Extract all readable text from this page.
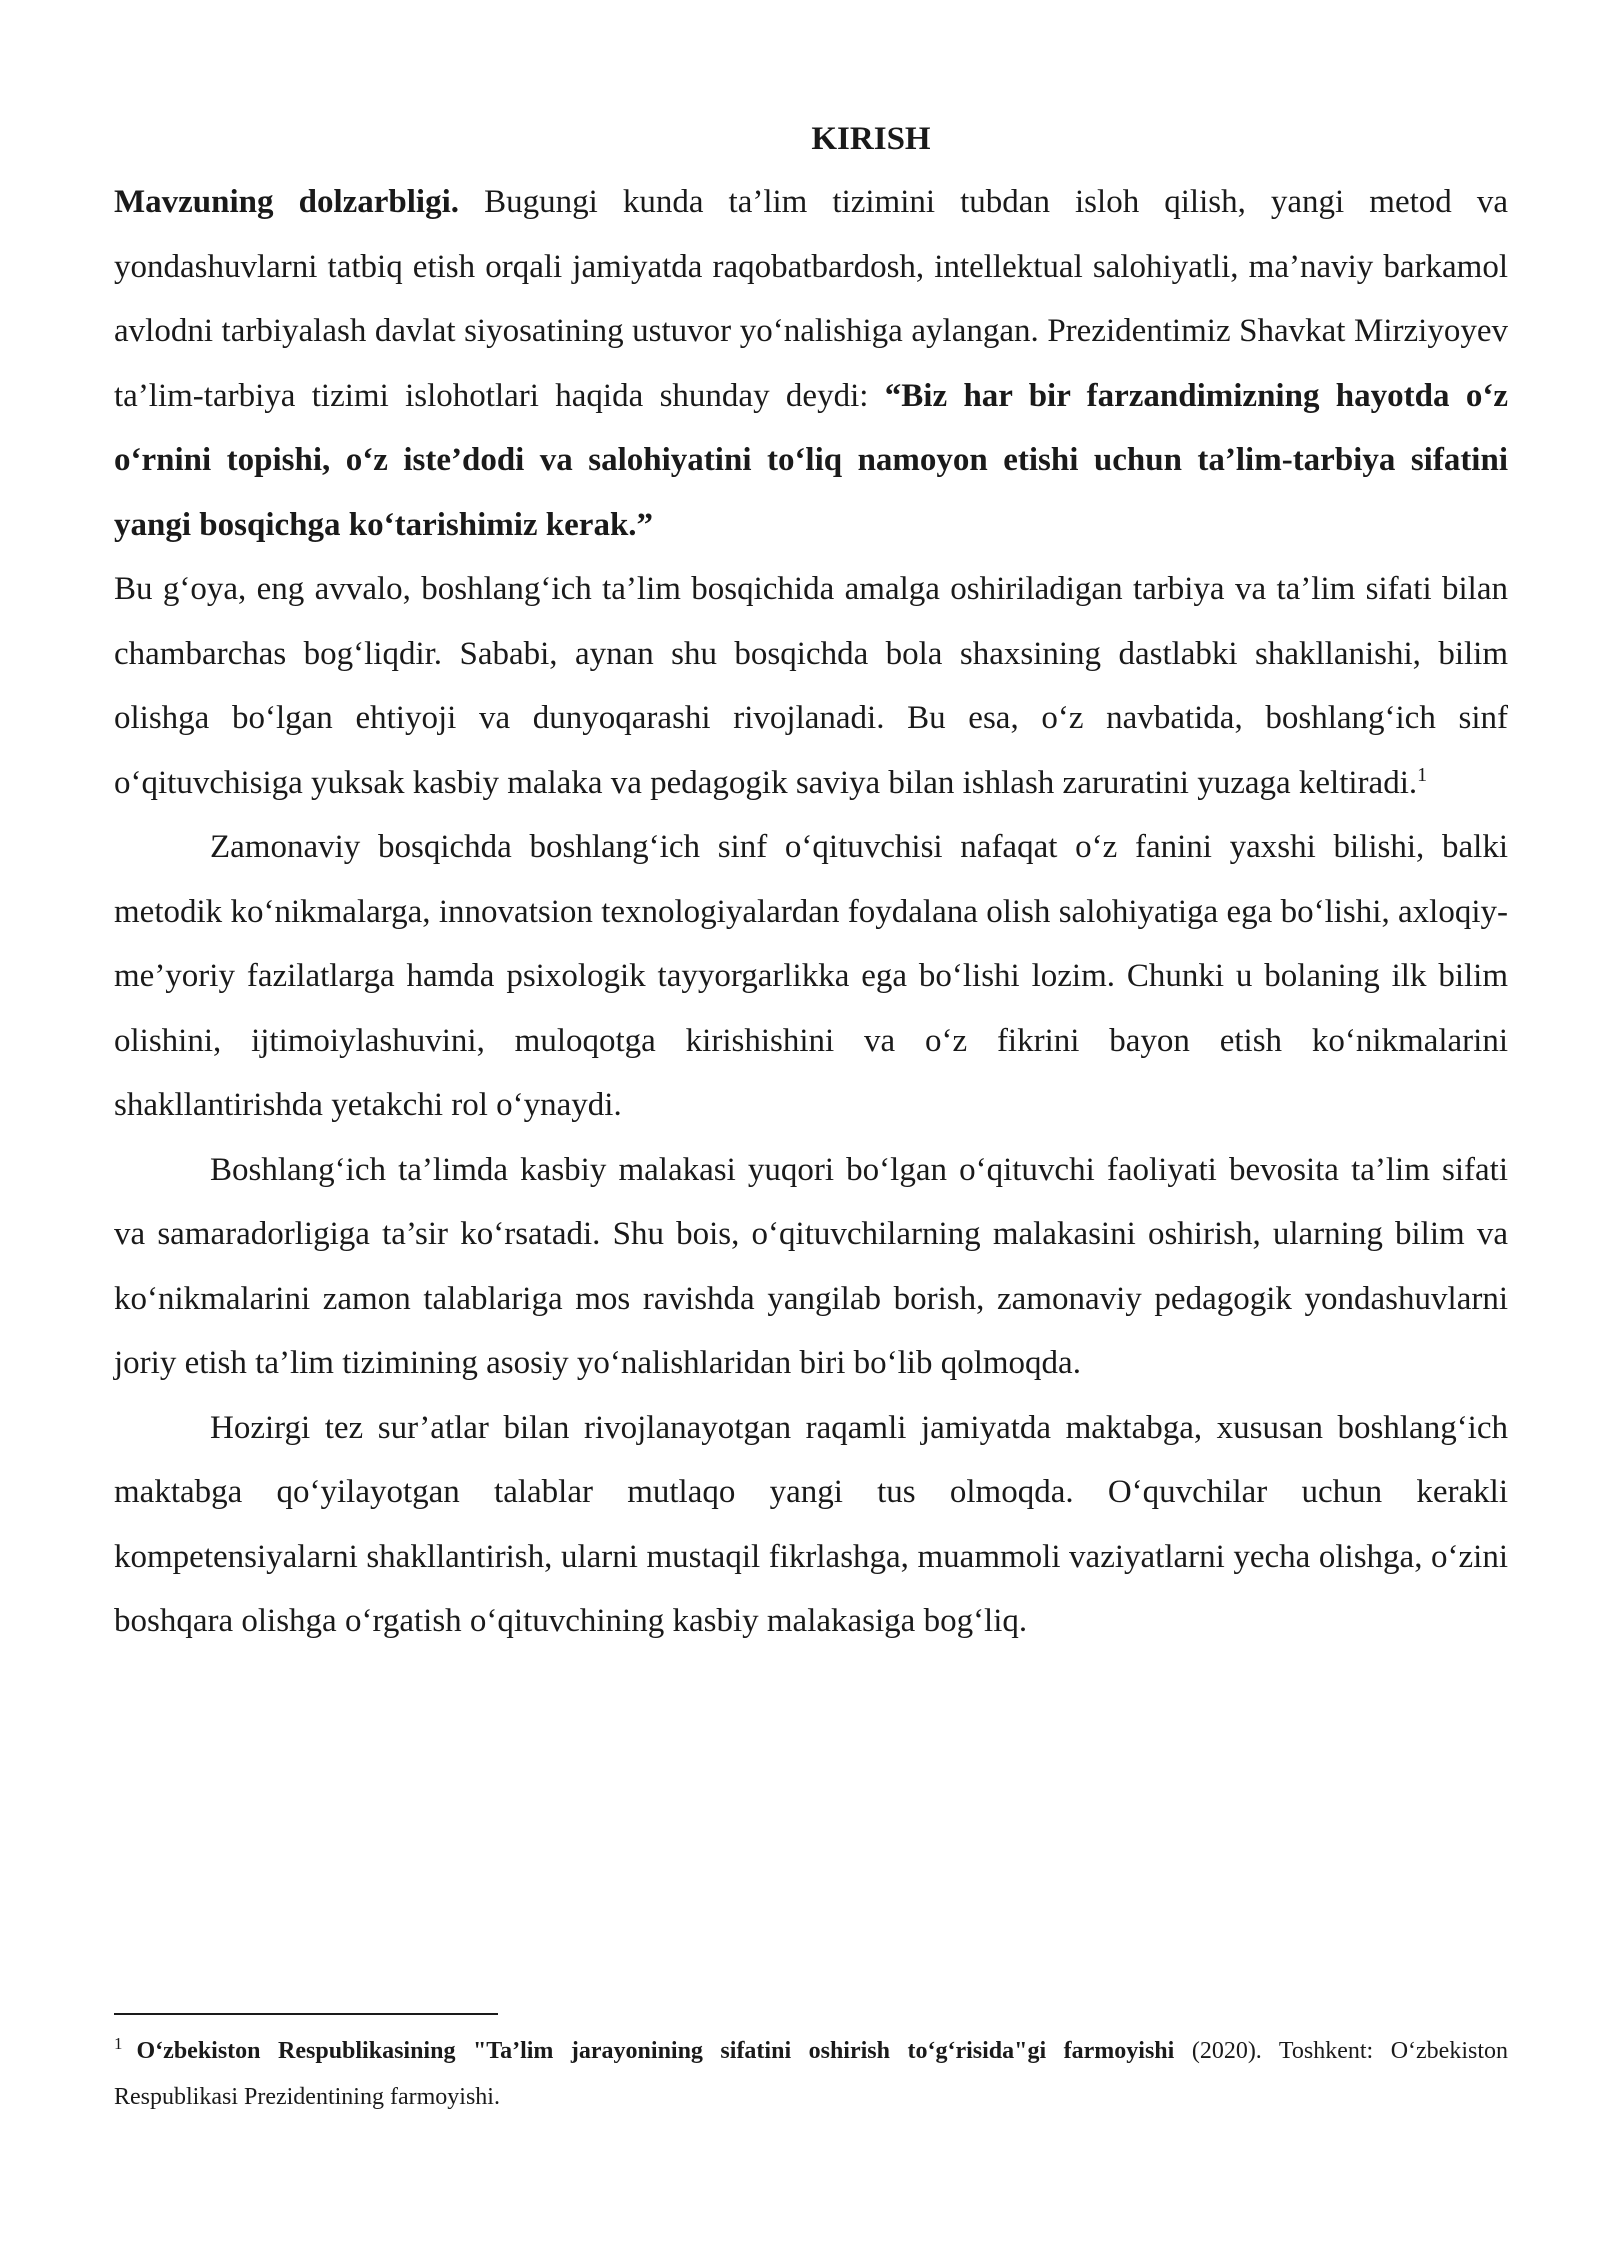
KIRISH

Mavzuning dolzarbligi. Bugungi kunda ta’lim tizimini tubdan isloh qilish, yangi metod va yondashuvlarni tatbiq etish orqali jamiyatda raqobatbardosh, intellektual salohiyatli, ma’naviy barkamol avlodni tarbiyalash davlat siyosatining ustuvor yo‘nalishiga aylangan. Prezidentimiz Shavkat Mirziyoyev ta’lim-tarbiya tizimi islohotlari haqida shunday deydi: “Biz har bir farzandimizning hayotda o‘z o‘rnini topishi, o‘z iste’dodi va salohiyatini to‘liq namoyon etishi uchun ta’lim-tarbiya sifatini yangi bosqichga ko‘tarishimiz kerak.”

Bu g‘oya, eng avvalo, boshlang‘ich ta’lim bosqichida amalga oshiriladigan tarbiya va ta’lim sifati bilan chambarchas bog‘liqdir. Sababi, aynan shu bosqichda bola shaxsining dastlabki shakllanishi, bilim olishga bo‘lgan ehtiyoji va dunyoqarashi rivojlanadi. Bu esa, o‘z navbatida, boshlang‘ich sinf o‘qituvchisiga yuksak kasbiy malaka va pedagogik saviya bilan ishlash zaruratini yuzaga keltiradi.$^1$

Zamonaviy bosqichda boshlang‘ich sinf o‘qituvchisi nafaqat o‘z fanini yaxshi bilishi, balki metodik ko‘nikmalarga, innovatsion texnologiyalardan foydalana olish salohiyatiga ega bo‘lishi, axloqiy-me’yoriy fazilatlarga hamda psixologik tayyorgarlikka ega bo‘lishi lozim. Chunki u bolaning ilk bilim olishini, ijtimoiylashuvini, muloqotga kirishishini va o‘z fikrini bayon etish ko‘nikmalarini shakllantirishda yetakchi rol o‘ynaydi.

Boshlang‘ich ta’limda kasbiy malakasi yuqori bo‘lgan o‘qituvchi faoliyati bevosita ta’lim sifati va samaradorligiga ta’sir ko‘rsatadi. Shu bois, o‘qituvchilarning malakasini oshirish, ularning bilim va ko‘nikmalarini zamon talablariga mos ravishda yangilab borish, zamonaviy pedagogik yondashuvlarni joriy etish ta’lim tizimining asosiy yo‘nalishlaridan biri bo‘lib qolmoqda.

Hozirgi tez sur’atlar bilan rivojlanayotgan raqamli jamiyatda maktabga, xususan boshlang‘ich maktabga qo‘yilayotgan talablar mutlaqo yangi tus olmoqda. O‘quvchilar uchun kerakli kompetensiyalarni shakllantirish, ularni mustaqil fikrlashga, muammoli vaziyatlarni yecha olishga, o‘zini boshqara olishga o‘rgatish o‘qituvchining kasbiy malakasiga bog‘liq.

$^1$ O‘zbekiston Respublikasining "Ta’lim jarayonining sifatini oshirish to‘g‘risida"gi farmoyishi (2020). Toshkent: O‘zbekiston Respublikasi Prezidentining farmoyishi.
